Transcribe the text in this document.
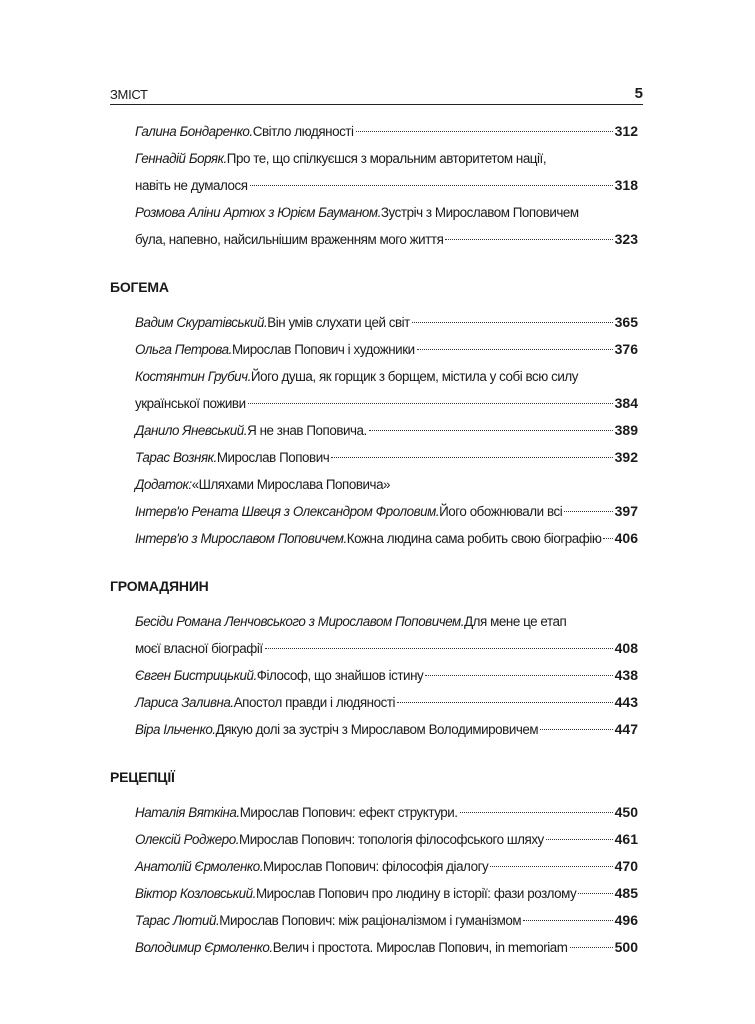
ЗМІСТ	5
Галина Бондаренко. Світло людяності	312
Геннадій Боряк. Про те, що спілкуєшся з моральним авторитетом нації,
навіть не думалося	318
Розмова Аліни Артюх з Юрієм Бауманом. Зустріч з Мирославом Поповичем
була, напевно, найсильнішим враженням мого життя	323
БОГЕМА
Вадим Скуратівський. Він умів слухати цей світ	365
Ольга Петрова. Мирослав Попович і художники	376
Костянтин Грубич. Його душа, як горщик з борщем, містила у собі всю силу
української поживи	384
Данило Яневський. Я не знав Поповича.	389
Тарас Возняк. Мирослав Попович	392
Додаток: «Шляхами Мирослава Поповича»
Інтерв'ю Рената Швеця з Олександром Фроловим. Його обожнювали всі	397
Інтерв'ю з Мирославом Поповичем. Кожна людина сама робить свою біографію 406
ГРОМАДЯНИН
Бесіди Романа Ленчовського з Мирославом Поповичем. Для мене це етап
моєї власної біографії	408
Євген Бистрицький. Філософ, що знайшов істину	438
Лариса Заливна. Апостол правди і людяності	443
Віра Ільченко. Дякую долі за зустріч з Мирославом Володимировичем	447
РЕЦЕПЦІЇ
Наталія Вяткіна. Мирослав Попович: ефект структури.	450
Олексій Роджеро. Мирослав Попович: топологія філософського шляху	461
Анатолій Єрмоленко. Мирослав Попович: філософія діалогу	470
Віктор Козловський. Мирослав Попович про людину в історії: фази розлому	485
Тарас Лютий. Мирослав Попович: між раціоналізмом і гуманізмом	496
Володимир Єрмоленко. Велич і простота. Мирослав Попович, in memoriam	500
